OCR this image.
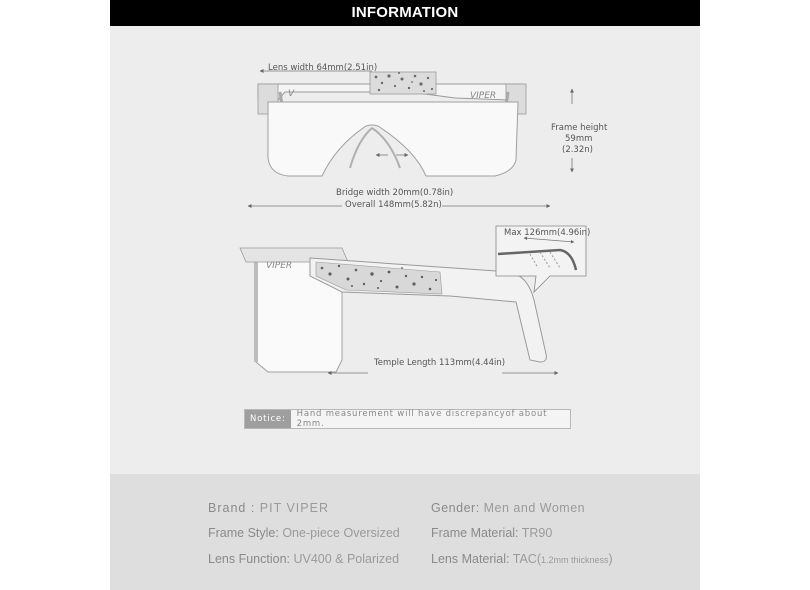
INFORMATION
V	VIPER
VIPER
Lens width 64mm(2.51in)
Frame height
59mm
(2.32n)
Bridge width 20mm(0.78in)
Overall 148mm(5.82n)
Max 126mm(4.96in)
Temple Length 113mm(4.44in)
Notice:	Hand measurement will have discrepancyof about 2mm.
Brand : PIT VIPER	Gender: Men and Women
Frame Style: One-piece Oversized	Frame Material: TR90
Lens Function: UV400 & Polarized	Lens Material: TAC(1.2mm thickness)
